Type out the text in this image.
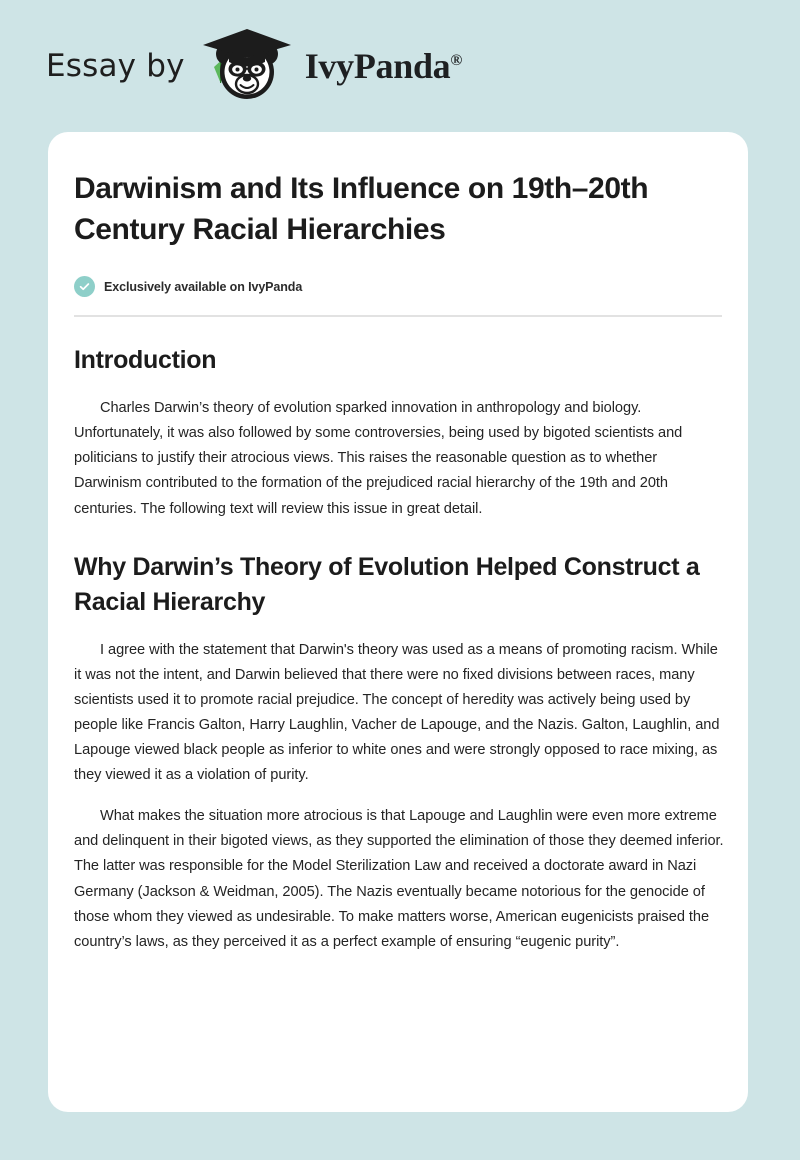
Essay by	IvyPanda®
Darwinism and Its Influence on 19th–20th Century Racial Hierarchies
Exclusively available on IvyPanda
Introduction

Charles Darwin’s theory of evolution sparked innovation in anthropology and biology. Unfortunately, it was also followed by some controversies, being used by bigoted scientists and politicians to justify their atrocious views. This raises the reasonable question as to whether Darwinism contributed to the formation of the prejudiced racial hierarchy of the 19th and 20th centuries. The following text will review this issue in great detail.

Why Darwin’s Theory of Evolution Helped Construct a Racial Hierarchy

I agree with the statement that Darwin's theory was used as a means of promoting racism. While it was not the intent, and Darwin believed that there were no fixed divisions between races, many scientists used it to promote racial prejudice. The concept of heredity was actively being used by people like Francis Galton, Harry Laughlin, Vacher de Lapouge, and the Nazis. Galton, Laughlin, and Lapouge viewed black people as inferior to white ones and were strongly opposed to race mixing, as they viewed it as a violation of purity.

What makes the situation more atrocious is that Lapouge and Laughlin were even more extreme and delinquent in their bigoted views, as they supported the elimination of those they deemed inferior. The latter was responsible for the Model Sterilization Law and received a doctorate award in Nazi Germany (Jackson & Weidman, 2005). The Nazis eventually became notorious for the genocide of those whom they viewed as undesirable. To make matters worse, American eugenicists praised the country’s laws, as they perceived it as a perfect example of ensuring “eugenic purity”.
